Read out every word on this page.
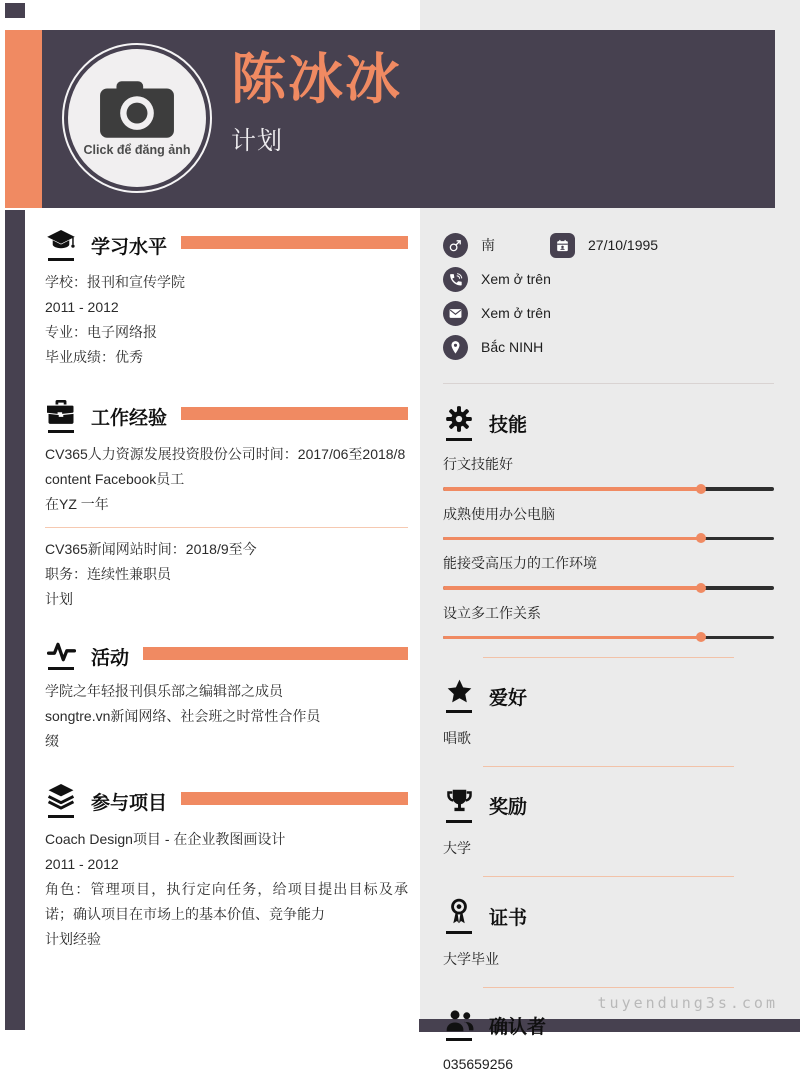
Click để đăng ảnh
陈冰冰
计划
学习水平
学校：报刊和宣传学院
2011 - 2012
专业：电子网络报
毕业成绩：优秀
工作经验
CV365人力资源发展投资股份公司时间：2017/06至2018/8
content Facebook员工
在YZ 一年
CV365新闻网站时间：2018/9至今
职务：连续性兼职员
计划
活动
学院之年轻报刊俱乐部之编辑部之成员
songtre.vn新闻网络、社会班之时常性合作员
缀
参与项目
Coach Design项目 - 在企业教图画设计
2011 - 2012
角色：管理项目，执行定向任务，给项目提出目标及承诺；确认项目在市场上的基本价值、竞争能力
计划经验
南	27/10/1995
Xem ở trên
Xem ở trên
Bắc NINH
技能
行文技能好
成熟使用办公电脑
能接受高压力的工作环境
设立多工作关系
爱好
唱歌
奖励
大学
证书
大学毕业
确认者
035659256
tuyendung3s.com
